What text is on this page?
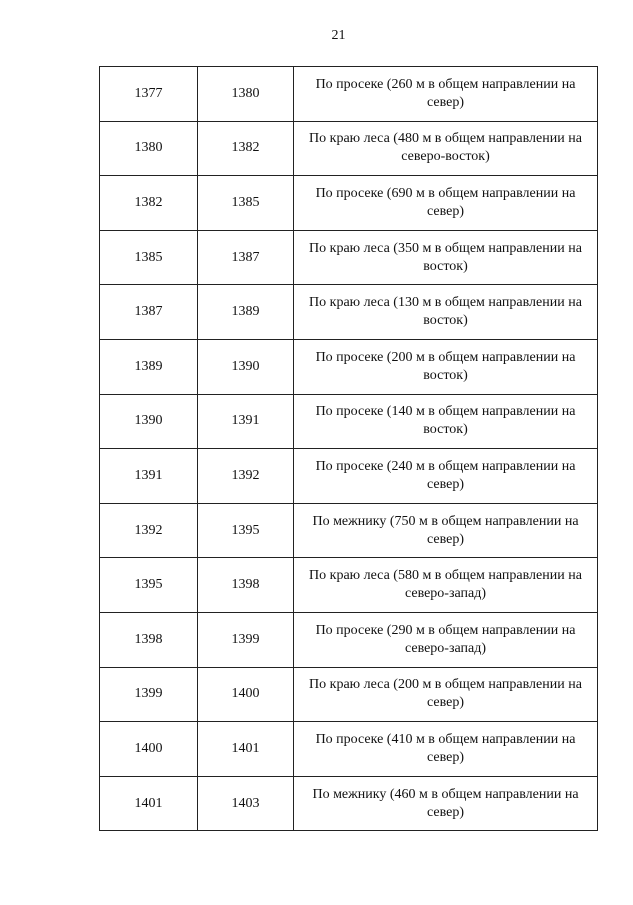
21
1377	1380	По просеке (260 м в общем направлении на север)
1380	1382	По краю леса (480 м в общем направлении на северо-восток)
1382	1385	По просеке (690 м в общем направлении на север)
1385	1387	По краю леса (350 м в общем направлении на восток)
1387	1389	По краю леса (130 м в общем направлении на восток)
1389	1390	По просеке (200 м в общем направлении на восток)
1390	1391	По просеке (140 м в общем направлении на восток)
1391	1392	По просеке (240 м в общем направлении на север)
1392	1395	По межнику (750 м в общем направлении на север)
1395	1398	По краю леса (580 м в общем направлении на северо-запад)
1398	1399	По просеке (290 м в общем направлении на северо-запад)
1399	1400	По краю леса (200 м в общем направлении на север)
1400	1401	По просеке (410 м в общем направлении на север)
1401	1403	По межнику (460 м в общем направлении на север)
